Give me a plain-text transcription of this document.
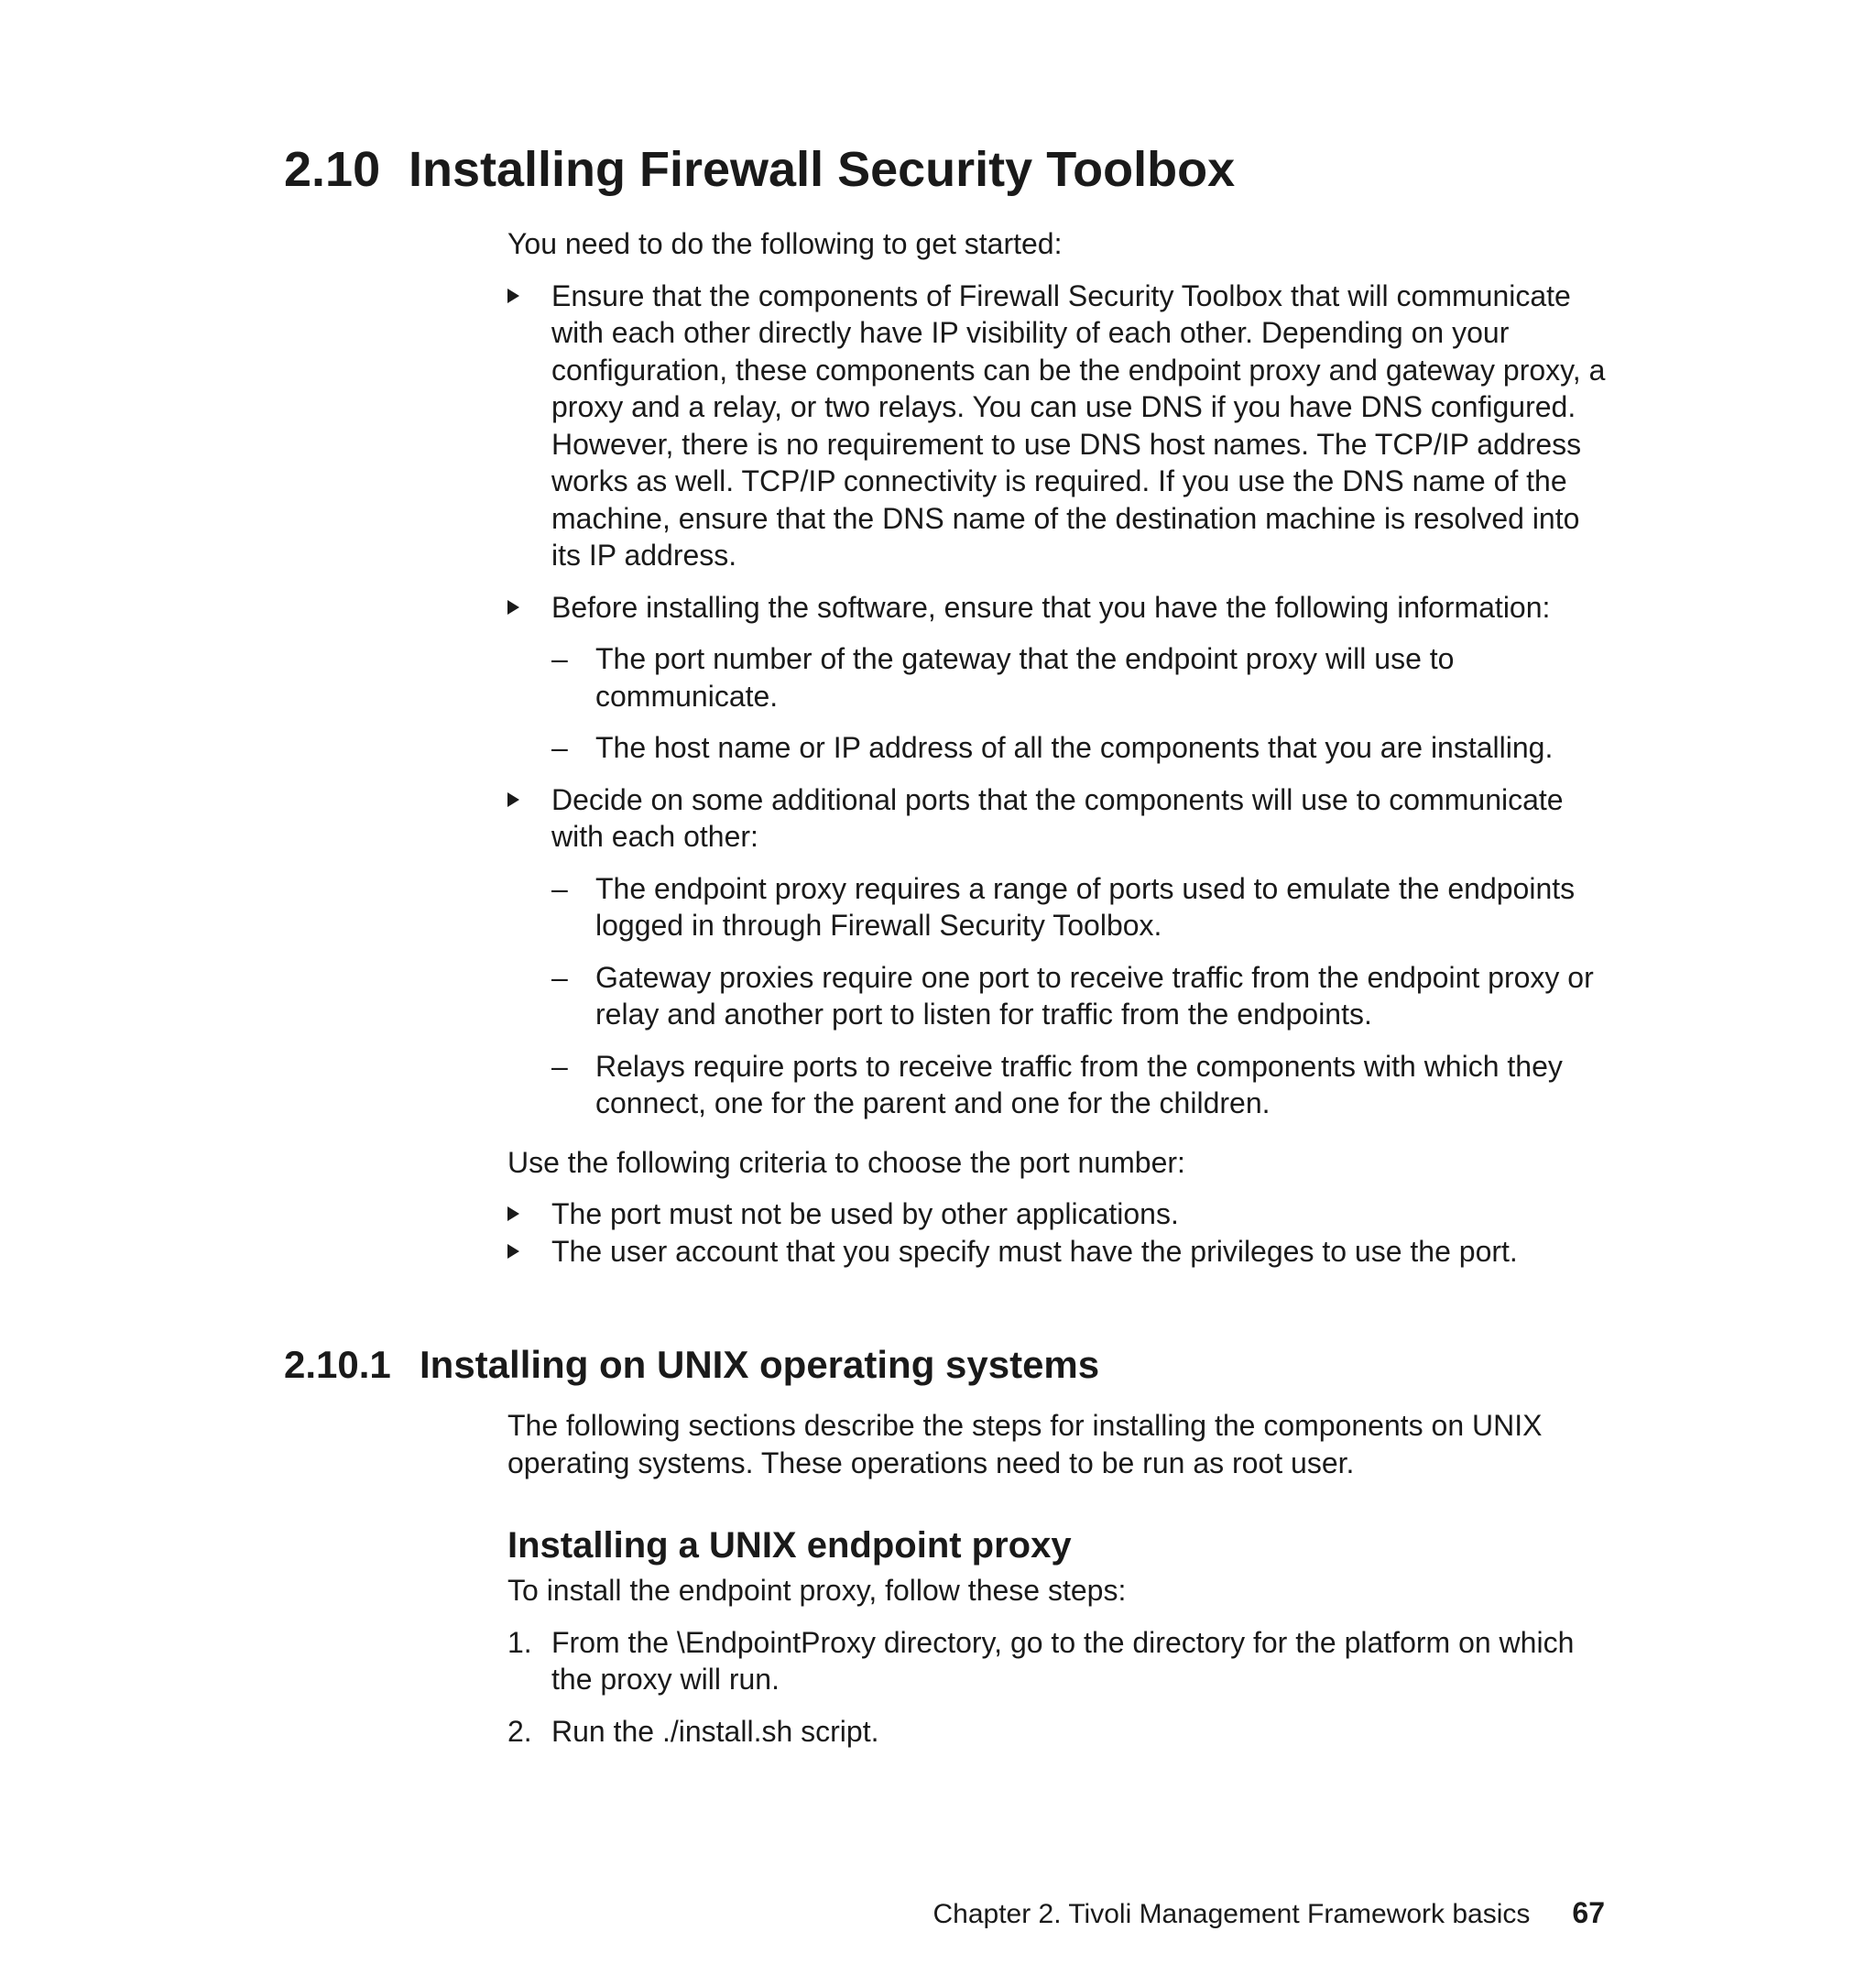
2.10 Installing Firewall Security Toolbox

You need to do the following to get started:

Ensure that the components of Firewall Security Toolbox that will communicate with each other directly have IP visibility of each other. Depending on your configuration, these components can be the endpoint proxy and gateway proxy, a proxy and a relay, or two relays. You can use DNS if you have DNS configured. However, there is no requirement to use DNS host names. The TCP/IP address works as well. TCP/IP connectivity is required. If you use the DNS name of the machine, ensure that the DNS name of the destination machine is resolved into its IP address.
Before installing the software, ensure that you have the following information:
– The port number of the gateway that the endpoint proxy will use to communicate.
– The host name or IP address of all the components that you are installing.
Decide on some additional ports that the components will use to communicate with each other:
– The endpoint proxy requires a range of ports used to emulate the endpoints logged in through Firewall Security Toolbox.
– Gateway proxies require one port to receive traffic from the endpoint proxy or relay and another port to listen for traffic from the endpoints.
– Relays require ports to receive traffic from the components with which they connect, one for the parent and one for the children.

Use the following criteria to choose the port number:

The port must not be used by other applications.
The user account that you specify must have the privileges to use the port.
2.10.1 Installing on UNIX operating systems

The following sections describe the steps for installing the components on UNIX operating systems. These operations need to be run as root user.

Installing a UNIX endpoint proxy

To install the endpoint proxy, follow these steps:

1. From the \EndpointProxy directory, go to the directory for the platform on which the proxy will run.
2. Run the ./install.sh script.
Chapter 2. Tivoli Management Framework basics 67
